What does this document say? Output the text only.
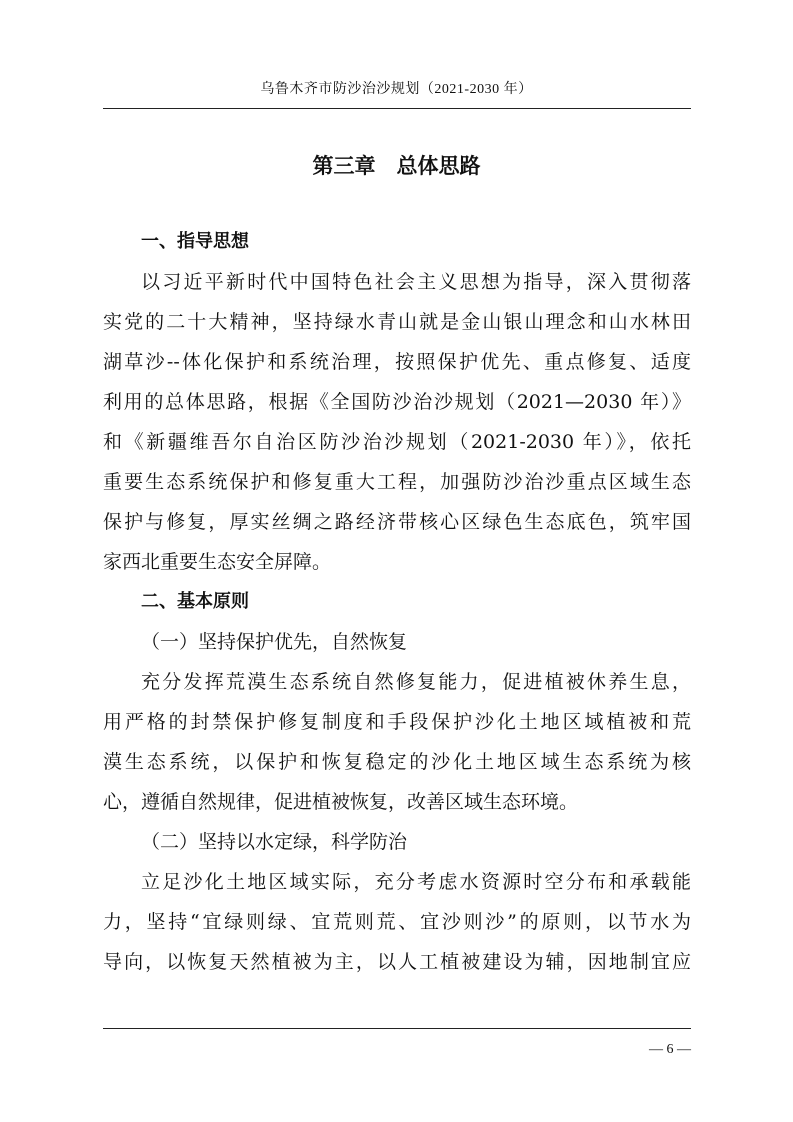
乌鲁木齐市防沙治沙规划（2021-2030 年）
第三章　总体思路
一、指导思想
以习近平新时代中国特色社会主义思想为指导，深入贯彻落
实党的二十大精神，坚持绿水青山就是金山银山理念和山水林田
湖草沙--体化保护和系统治理，按照保护优先、重点修复、适度
利用的总体思路，根据《全国防沙治沙规划（2021—2030 年）》
和《新疆维吾尔自治区防沙治沙规划（2021-2030 年）》，依托
重要生态系统保护和修复重大工程，加强防沙治沙重点区域生态
保护与修复，厚实丝绸之路经济带核心区绿色生态底色，筑牢国
家西北重要生态安全屏障。
二、基本原则
（一）坚持保护优先，自然恢复
充分发挥荒漠生态系统自然修复能力，促进植被休养生息，
用严格的封禁保护修复制度和手段保护沙化土地区域植被和荒
漠生态系统，以保护和恢复稳定的沙化土地区域生态系统为核
心，遵循自然规律，促进植被恢复，改善区域生态环境。
（二）坚持以水定绿，科学防治
立足沙化土地区域实际，充分考虑水资源时空分布和承载能
力，坚持“宜绿则绿、宜荒则荒、宜沙则沙”的原则，以节水为
导向，以恢复天然植被为主，以人工植被建设为辅，因地制宜应
— 6 —
